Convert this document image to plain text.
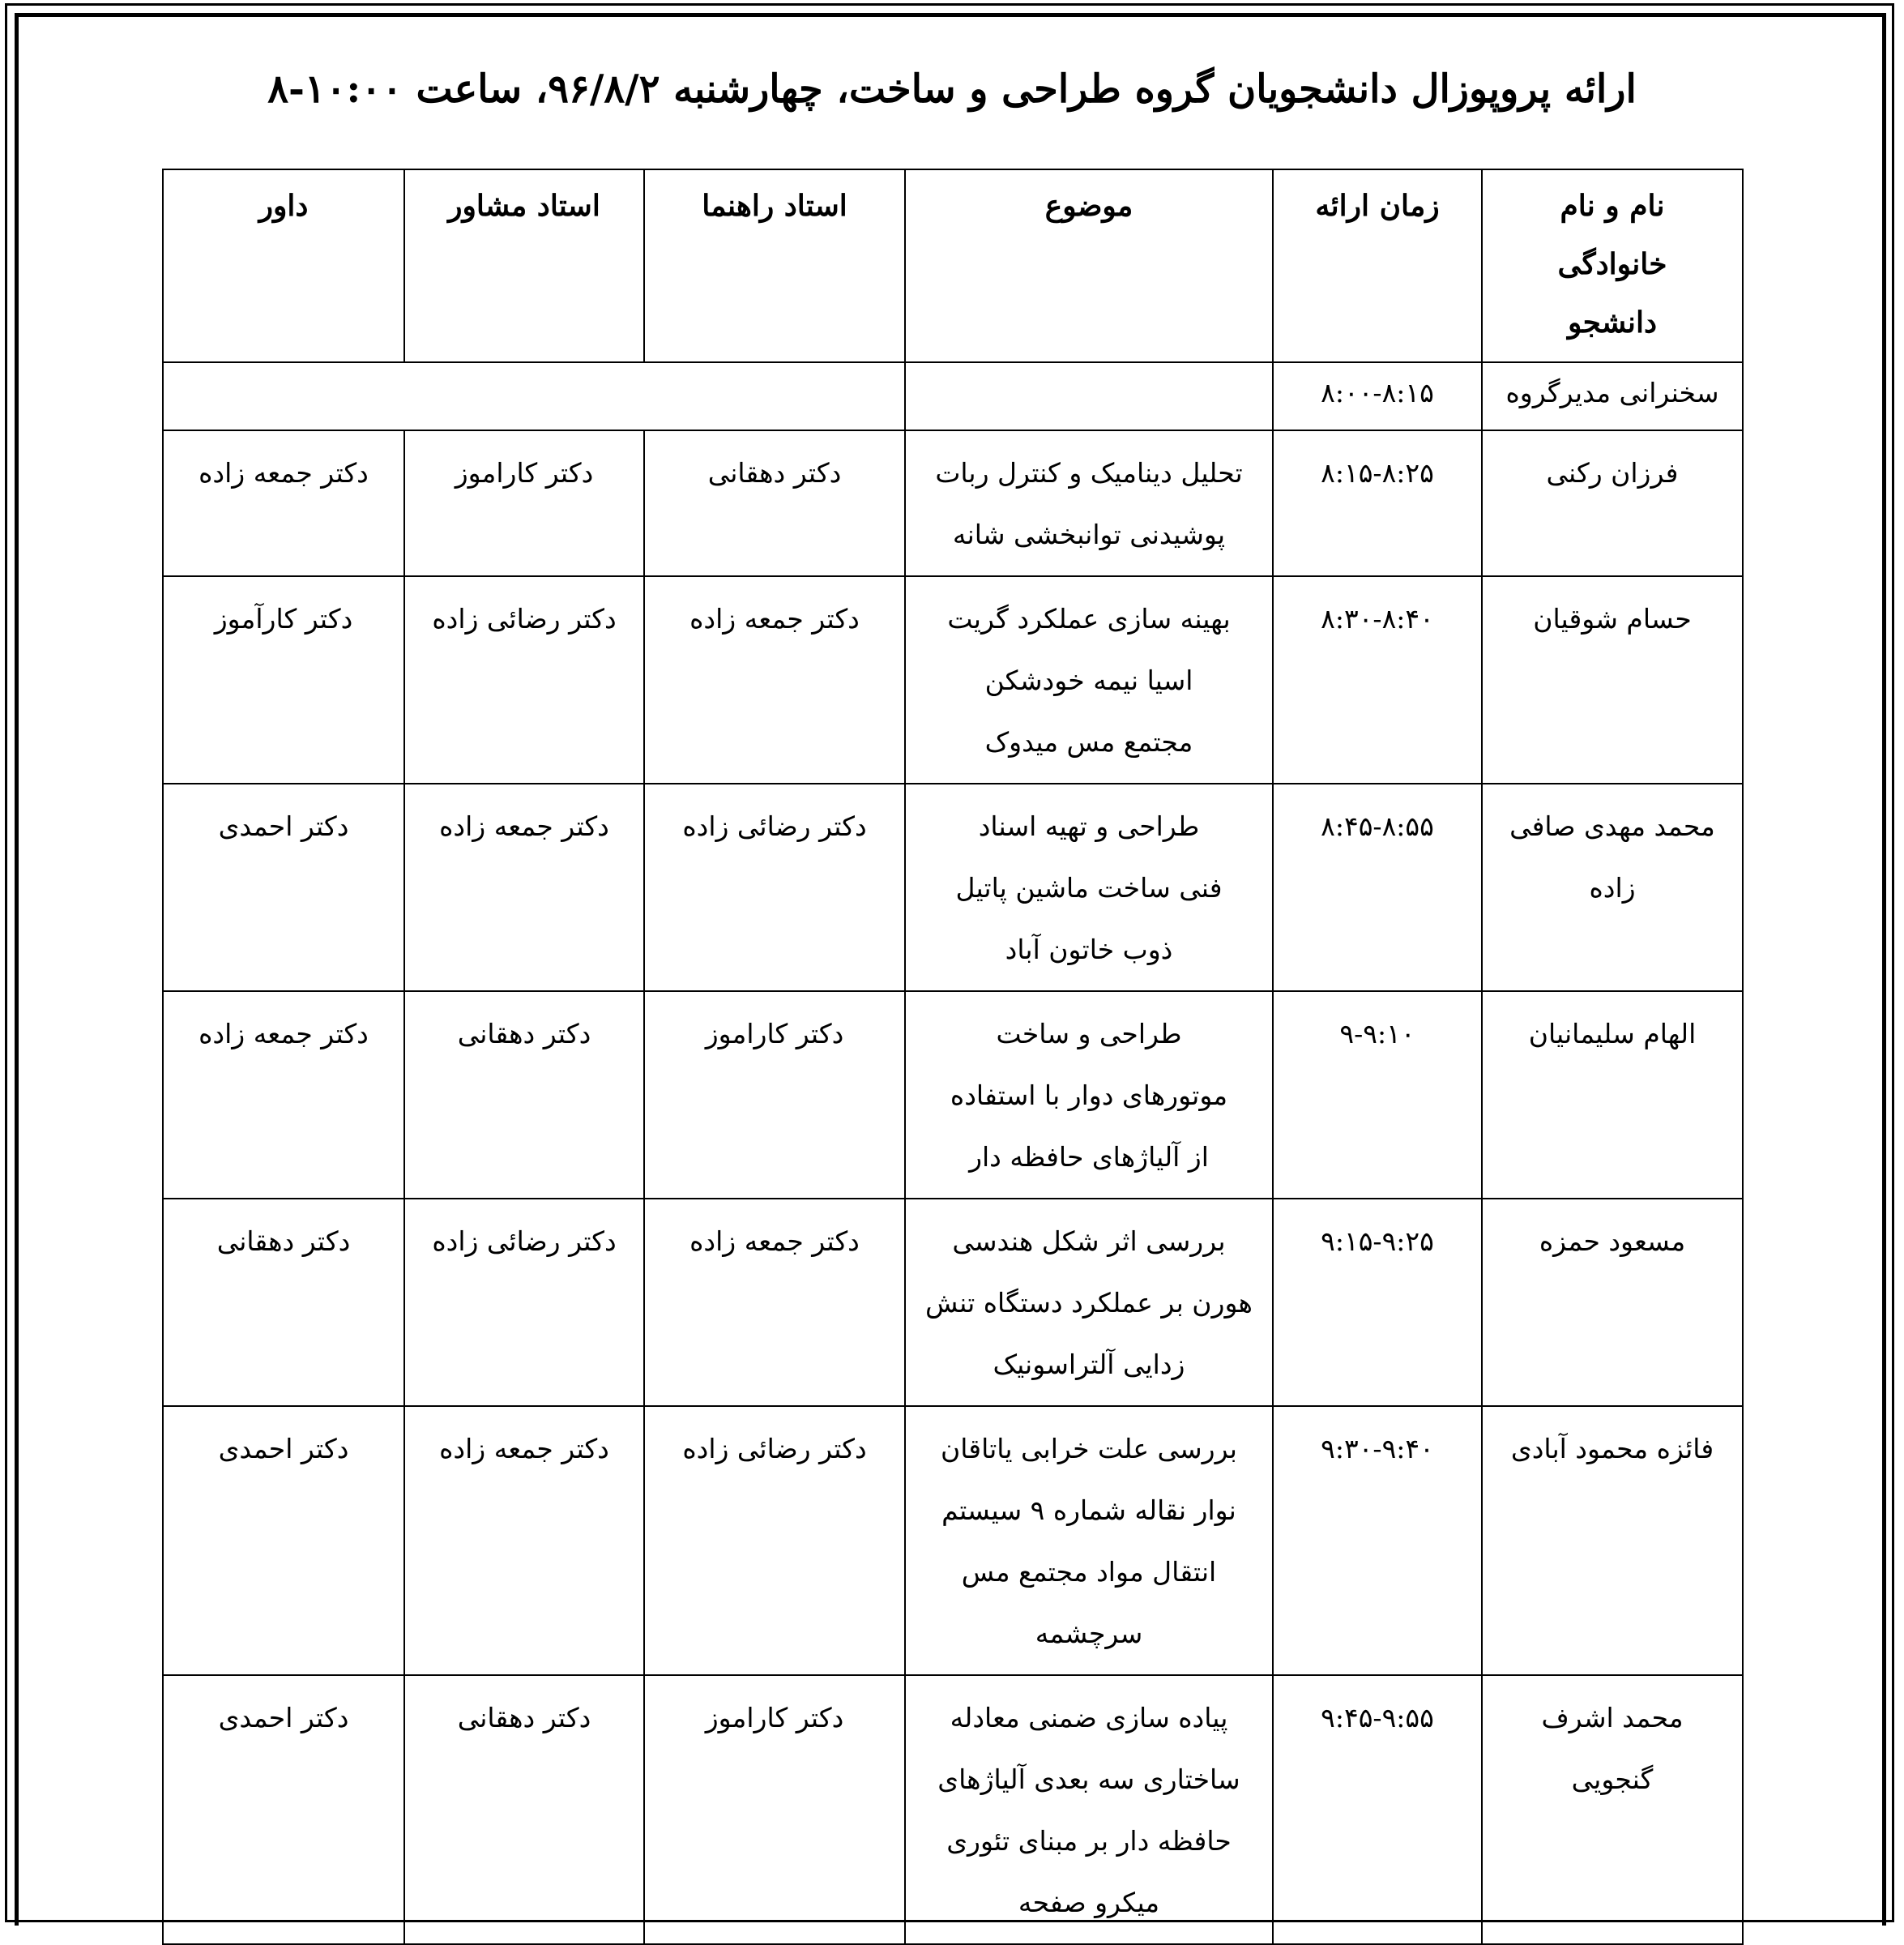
ارائه پروپوزال دانشجویان گروه طراحی و ساخت، چهارشنبه ۹۶/۸/۲، ساعت ۱۰:۰۰-۸
نام و نام خانوادگی دانشجو	زمان ارائه	موضوع	استاد راهنما	استاد مشاور	داور
سخنرانی مدیرگروه	۸:۰۰-۸:۱۵				
فرزان رکنی	۸:۱۵-۸:۲۵	تحلیل دینامیک و کنترل ربات پوشیدنی توانبخشی شانه	دکتر دهقانی	دکتر کاراموز	دکتر جمعه زاده
حسام شوقیان	۸:۳۰-۸:۴۰	بهینه سازی عملکرد گریت اسیا نیمه خودشکن مجتمع مس میدوک	دکتر جمعه زاده	دکتر رضائی زاده	دکتر کارآموز
محمد مهدی صافی زاده	۸:۴۵-۸:۵۵	طراحی و تهیه اسناد فنی ساخت ماشین پاتیل ذوب خاتون آباد	دکتر رضائی زاده	دکتر جمعه زاده	دکتر احمدی
الهام سلیمانیان	۹-۹:۱۰	طراحی و ساخت موتورهای دوار با استفاده از آلیاژهای حافظه دار	دکتر کاراموز	دکتر دهقانی	دکتر جمعه زاده
مسعود حمزه	۹:۱۵-۹:۲۵	بررسی اثر شکل هندسی هورن بر عملکرد دستگاه تنش زدایی آلتراسونیک	دکتر جمعه زاده	دکتر رضائی زاده	دکتر دهقانی
فائزه محمود آبادی	۹:۳۰-۹:۴۰	بررسی علت خرابی یاتاقان نوار نقاله شماره ۹ سیستم انتقال مواد مجتمع مس سرچشمه	دکتر رضائی زاده	دکتر جمعه زاده	دکتر احمدی
محمد اشرف گنجویی	۹:۴۵-۹:۵۵	پیاده سازی ضمنی معادله ساختاری سه بعدی آلیاژهای حافظه دار بر مبنای تئوری میکرو صفحه	دکتر کاراموز	دکتر دهقانی	دکتر احمدی
